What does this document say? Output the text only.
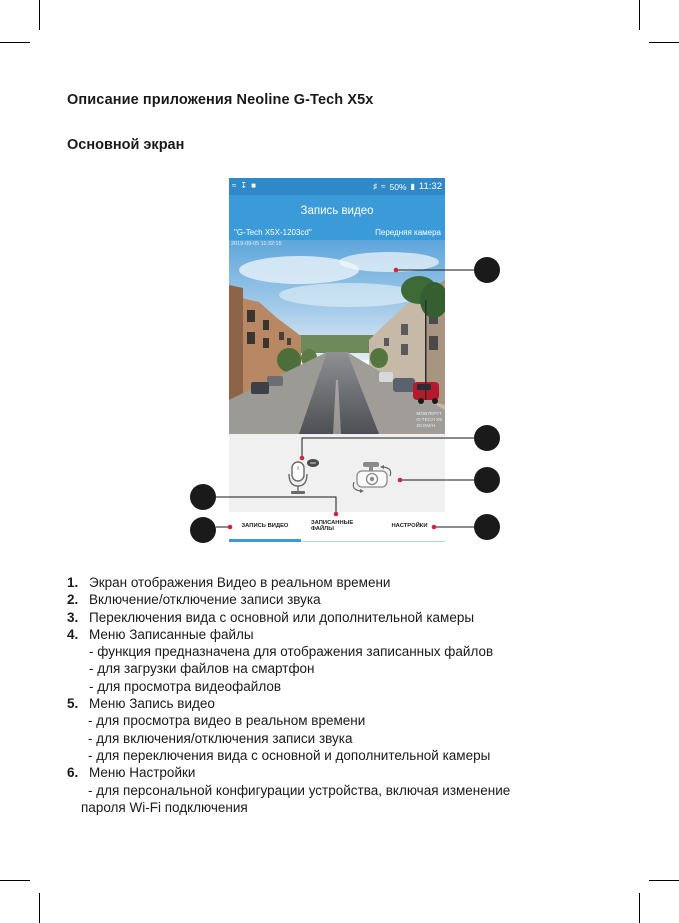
Описание приложения Neoline G-Tech X5x
Основной экран
≈ ↧ ■	♯ ≈ 50% ▮ 11:32
Запись видео
"G-Tech X5X-1203cd"	Передняя камера
2019-09-05 11:32:15
MOB7EP77
G-TECH X5
20 KM/H
ЗАПИСЬ ВИДЕО
ЗАПИСАННЫЕ
ФАЙЛЫ
НАСТРОЙКИ
1. Экран отображения Видео в реальном времени
2. Включение/отключение записи звука
3. Переключения вида с основной или дополнительной камеры
4. Меню Записанные файлы
- функция предназначена для отображения записанных файлов
- для загрузки файлов на смартфон
- для просмотра видеофайлов
5. Меню Запись видео
- для просмотра видео в реальном времени
- для включения/отключения записи звука
- для переключения вида с основной и дополнительной камеры
6. Меню Настройки
- для персональной конфигурации устройства, включая изменение
пароля Wi-Fi подключения
